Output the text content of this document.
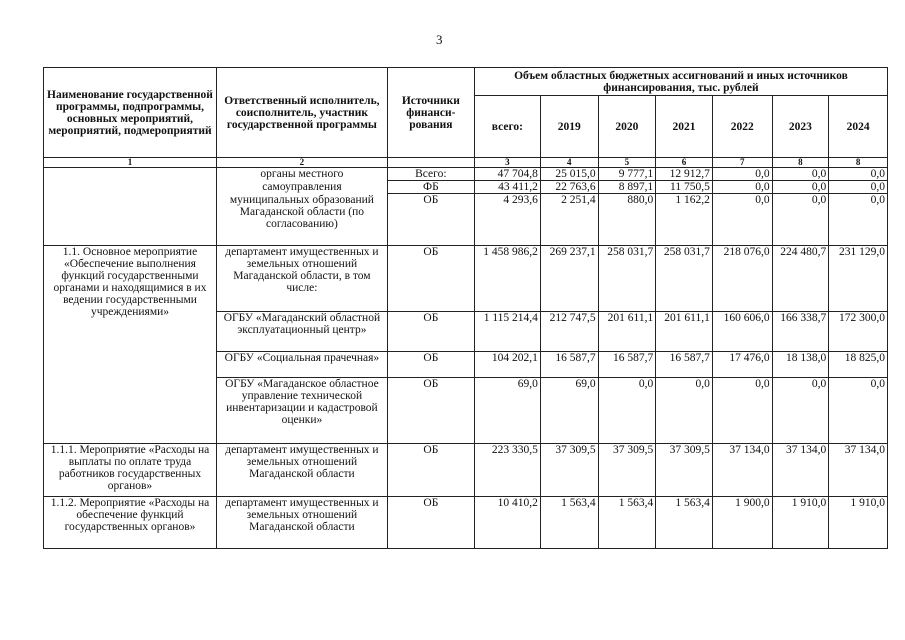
3
Наименование государственной программы, подпрограммы, основных мероприятий, мероприятий, подмероприятий	Ответственный исполнитель, соисполнитель, участник государственной программы	Источники финанси-рования	Объем областных бюджетных ассигнований и иных источников финансирования, тыс. рублей						
			всего:	2019	2020	2021	2022	2023	2024
1	2		3	4	5	6	7	8	8
	органы местного	Всего:	47 704,8	25 015,0	9 777,1	12 912,7	0,0	0,0	0,0
	самоуправления	ФБ	43 411,2	22 763,6	8 897,1	11 750,5	0,0	0,0	0,0
	муниципальных образований Магаданской области (по согласованию)	ОБ	4 293,6	2 251,4	880,0	1 162,2	0,0	0,0	0,0
1.1. Основное мероприятие «Обеспечение выполнения функций государственными органами и находящимися в их ведении государственными учреждениями»	департамент имущественных и земельных отношений Магаданской области, в том числе:	ОБ	1 458 986,2	269 237,1	258 031,7	258 031,7	218 076,0	224 480,7	231 129,0
	ОГБУ «Магаданский областной эксплуатационный центр»	ОБ	1 115 214,4	212 747,5	201 611,1	201 611,1	160 606,0	166 338,7	172 300,0
	ОГБУ «Социальная прачечная»	ОБ	104 202,1	16 587,7	16 587,7	16 587,7	17 476,0	18 138,0	18 825,0
	ОГБУ «Магаданское областное управление технической инвентаризации и кадастровой оценки»	ОБ	69,0	69,0	0,0	0,0	0,0	0,0	0,0
1.1.1. Мероприятие «Расходы на выплаты по оплате труда работников государственных органов»	департамент имущественных и земельных отношений Магаданской области	ОБ	223 330,5	37 309,5	37 309,5	37 309,5	37 134,0	37 134,0	37 134,0
1.1.2. Мероприятие «Расходы на обеспечение функций государственных органов»	департамент имущественных и земельных отношений Магаданской области	ОБ	10 410,2	1 563,4	1 563,4	1 563,4	1 900,0	1 910,0	1 910,0
